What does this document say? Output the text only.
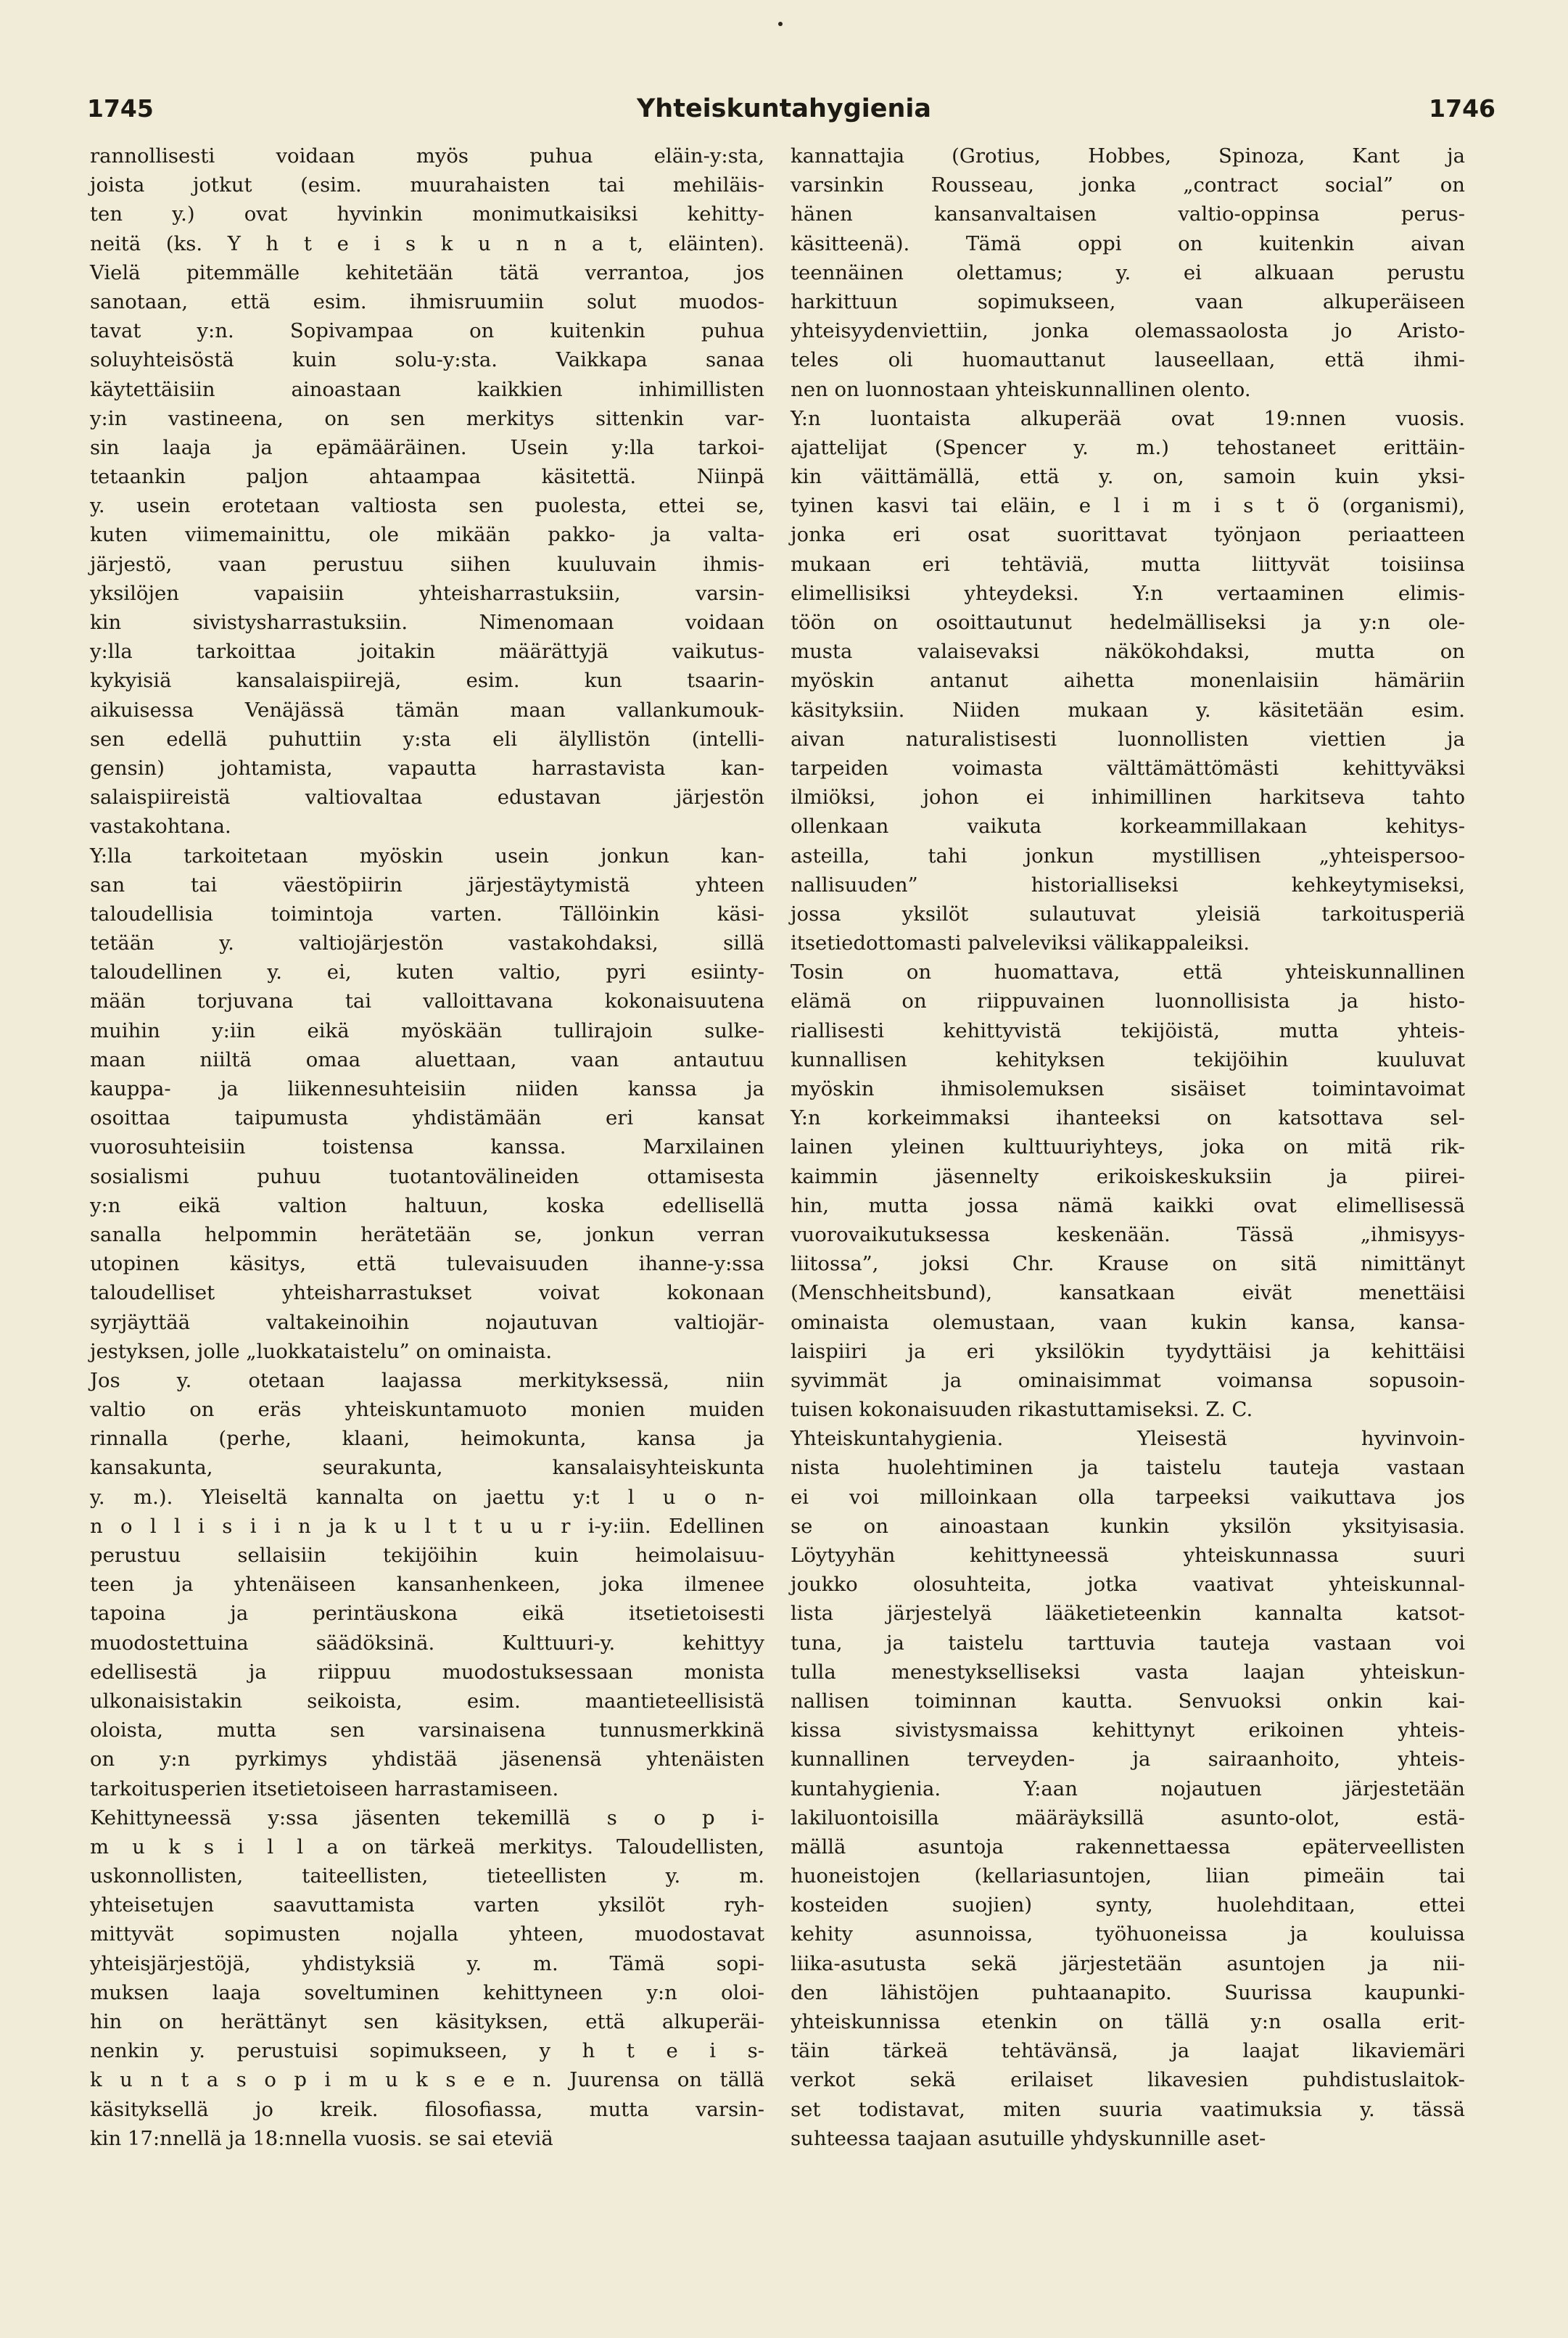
1745	Yhteiskuntahygienia	1746
rannollisesti voidaan myös puhua eläin-y:sta,
joista jotkut (esim. muurahaisten tai mehiläis-
ten y.) ovat hyvinkin monimutkaisiksi kehitty-
neitä (ks. Y h t e i s k u n n a t, eläinten).
Vielä pitemmälle kehitetään tätä verrantoa, jos
sanotaan, että esim. ihmisruumiin solut muodos-
tavat y:n. Sopivampaa on kuitenkin puhua
soluyhteisöstä kuin solu-y:sta. Vaikkapa sanaa
käytettäisiin ainoastaan kaikkien inhimillisten
y:in vastineena, on sen merkitys sittenkin var-
sin laaja ja epämääräinen. Usein y:lla tarkoi-
tetaankin paljon ahtaampaa käsitettä. Niinpä
y. usein erotetaan valtiosta sen puolesta, ettei se,
kuten viimemainittu, ole mikään pakko- ja valta-
järjestö, vaan perustuu siihen kuuluvain ihmis-
yksilöjen vapaisiin yhteisharrastuksiin, varsin-
kin sivistysharrastuksiin. Nimenomaan voidaan
y:lla tarkoittaa joitakin määrättyjä vaikutus-
kykyisiä kansalaispiirejä, esim. kun tsaarin-
aikuisessa Venäjässä tämän maan vallankumouk-
sen edellä puhuttiin y:sta eli älyllistön (intelli-
gensin) johtamista, vapautta harrastavista kan-
salaispiireistä valtiovaltaa edustavan järjestön
vastakohtana.
Y:lla tarkoitetaan myöskin usein jonkun kan-
san tai väestöpiirin järjestäytymistä yhteen
taloudellisia toimintoja varten. Tällöinkin käsi-
tetään y. valtiojärjestön vastakohdaksi, sillä
taloudellinen y. ei, kuten valtio, pyri esiinty-
mään torjuvana tai valloittavana kokonaisuutena
muihin y:iin eikä myöskään tullirajoin sulke-
maan niiltä omaa aluettaan, vaan antautuu
kauppa- ja liikennesuhteisiin niiden kanssa ja
osoittaa taipumusta yhdistämään eri kansat
vuorosuhteisiin toistensa kanssa. Marxilainen
sosialismi puhuu tuotantovälineiden ottamisesta
y:n eikä valtion haltuun, koska edellisellä
sanalla helpommin herätetään se, jonkun verran
utopinen käsitys, että tulevaisuuden ihanne-y:ssa
taloudelliset yhteisharrastukset voivat kokonaan
syrjäyttää valtakeinoihin nojautuvan valtiojär-
jestyksen, jolle „luokkataistelu” on ominaista.
Jos y. otetaan laajassa merkityksessä, niin
valtio on eräs yhteiskuntamuoto monien muiden
rinnalla (perhe, klaani, heimokunta, kansa ja
kansakunta, seurakunta, kansalaisyhteiskunta
y. m.). Yleiseltä kannalta on jaettu y:t l u o n-
n o l l i s i i n ja k u l t t u u r i-y:iin. Edellinen
perustuu sellaisiin tekijöihin kuin heimolaisuu-
teen ja yhtenäiseen kansanhenkeen, joka ilmenee
tapoina ja perintäuskona eikä itsetietoisesti
muodostettuina säädöksinä. Kulttuuri-y. kehittyy
edellisestä ja riippuu muodostuksessaan monista
ulkonaisistakin seikoista, esim. maantieteellisistä
oloista, mutta sen varsinaisena tunnusmerkkinä
on y:n pyrkimys yhdistää jäsenensä yhtenäisten
tarkoitusperien itsetietoiseen harrastamiseen.
Kehittyneessä y:ssa jäsenten tekemillä s o p i-
m u k s i l l a on tärkeä merkitys. Taloudellisten,
uskonnollisten, taiteellisten, tieteellisten y. m.
yhteisetujen saavuttamista varten yksilöt ryh-
mittyvät sopimusten nojalla yhteen, muodostavat
yhteisjärjestöjä, yhdistyksiä y. m. Tämä sopi-
muksen laaja soveltuminen kehittyneen y:n oloi-
hin on herättänyt sen käsityksen, että alkuperäi-
nenkin y. perustuisi sopimukseen, y h t e i s-
k u n t a s o p i m u k s e e n. Juurensa on tällä
käsityksellä jo kreik. filosofiassa, mutta varsin-
kin 17:nnellä ja 18:nnella vuosis. se sai eteviä
kannattajia (Grotius, Hobbes, Spinoza, Kant ja
varsinkin Rousseau, jonka „contract social” on
hänen kansanvaltaisen valtio-oppinsa perus-
käsitteenä). Tämä oppi on kuitenkin aivan
teennäinen olettamus; y. ei alkuaan perustu
harkittuun sopimukseen, vaan alkuperäiseen
yhteisyydenviettiin, jonka olemassaolosta jo Aristo-
teles oli huomauttanut lauseellaan, että ihmi-
nen on luonnostaan yhteiskunnallinen olento.
Y:n luontaista alkuperää ovat 19:nnen vuosis.
ajattelijat (Spencer y. m.) tehostaneet erittäin-
kin väittämällä, että y. on, samoin kuin yksi-
tyinen kasvi tai eläin, e l i m i s t ö (organismi),
jonka eri osat suorittavat työnjaon periaatteen
mukaan eri tehtäviä, mutta liittyvät toisiinsa
elimellisiksi yhteydeksi. Y:n vertaaminen elimis-
töön on osoittautunut hedelmälliseksi ja y:n ole-
musta valaisevaksi näkökohdaksi, mutta on
myöskin antanut aihetta monenlaisiin hämäriin
käsityksiin. Niiden mukaan y. käsitetään esim.
aivan naturalistisesti luonnollisten viettien ja
tarpeiden voimasta välttämättömästi kehittyväksi
ilmiöksi, johon ei inhimillinen harkitseva tahto
ollenkaan vaikuta korkeammillakaan kehitys-
asteilla, tahi jonkun mystillisen „yhteispersoo-
nallisuuden” historialliseksi kehkeytymiseksi,
jossa yksilöt sulautuvat yleisiä tarkoitusperiä
itsetiedottomasti palveleviksi välikappaleiksi.
Tosin on huomattava, että yhteiskunnallinen
elämä on riippuvainen luonnollisista ja histo-
riallisesti kehittyvistä tekijöistä, mutta yhteis-
kunnallisen kehityksen tekijöihin kuuluvat
myöskin ihmisolemuksen sisäiset toimintavoimat
Y:n korkeimmaksi ihanteeksi on katsottava sel-
lainen yleinen kulttuuriyhteys, joka on mitä rik-
kaimmin jäsennelty erikoiskeskuksiin ja piirei-
hin, mutta jossa nämä kaikki ovat elimellisessä
vuorovaikutuksessa keskenään. Tässä „ihmisyys-
liitossa”, joksi Chr. Krause on sitä nimittänyt
(Menschheitsbund), kansatkaan eivät menettäisi
ominaista olemustaan, vaan kukin kansa, kansa-
laispiiri ja eri yksilökin tyydyttäisi ja kehittäisi
syvimmät ja ominaisimmat voimansa sopusoin-
tuisen kokonaisuuden rikastuttamiseksi. Z. C.
Yhteiskuntahygienia. Yleisestä hyvinvoin-
nista huolehtiminen ja taistelu tauteja vastaan
ei voi milloinkaan olla tarpeeksi vaikuttava jos
se on ainoastaan kunkin yksilön yksityisasia.
Löytyyhän kehittyneessä yhteiskunnassa suuri
joukko olosuhteita, jotka vaativat yhteiskunnal-
lista järjestelyä lääketieteenkin kannalta katsot-
tuna, ja taistelu tarttuvia tauteja vastaan voi
tulla menestykselliseksi vasta laajan yhteiskun-
nallisen toiminnan kautta. Senvuoksi onkin kai-
kissa sivistysmaissa kehittynyt erikoinen yhteis-
kunnallinen terveyden- ja sairaanhoito, yhteis-
kuntahygienia. Y:aan nojautuen järjestetään
lakiluontoisilla määräyksillä asunto-olot, estä-
mällä asuntoja rakennettaessa epäterveellisten
huoneistojen (kellariasuntojen, liian pimeäin tai
kosteiden suojien) synty, huolehditaan, ettei
kehity asunnoissa, työhuoneissa ja kouluissa
liika-asutusta sekä järjestetään asuntojen ja nii-
den lähistöjen puhtaanapito. Suurissa kaupunki-
yhteiskunnissa etenkin on tällä y:n osalla erit-
täin tärkeä tehtävänsä, ja laajat likaviemäri
verkot sekä erilaiset likavesien puhdistuslaitok-
set todistavat, miten suuria vaatimuksia y. tässä
suhteessa taajaan asutuille yhdyskunnille aset-
